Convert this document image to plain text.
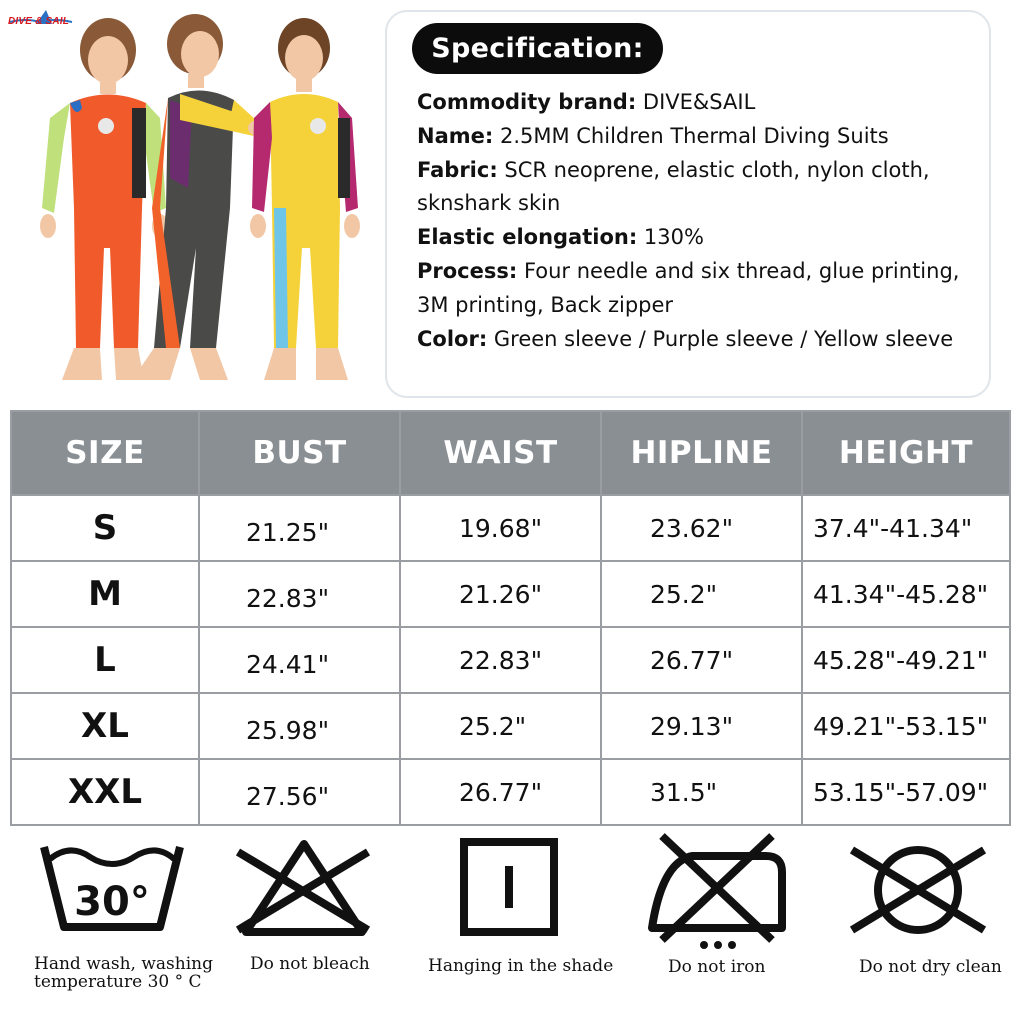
DIVE & SAIL
Specification:
Commodity brand: DIVE&SAIL
Name: 2.5MM Children Thermal Diving Suits
Fabric: SCR neoprene, elastic cloth, nylon cloth,
sknshark skin
Elastic elongation: 130%
Process: Four needle and six thread, glue printing,
3M printing, Back zipper
Color: Green sleeve / Purple sleeve / Yellow sleeve
SIZE	BUST	WAIST	HIPLINE	HEIGHT
S	21.25"	19.68"	23.62"	37.4"-41.34"
M	22.83"	21.26"	25.2"	41.34"-45.28"
L	24.41"	22.83"	26.77"	45.28"-49.21"
XL	25.98"	25.2"	29.13"	49.21"-53.15"
XXL	27.56"	26.77"	31.5"	53.15"-57.09"
30°
Hand wash, washing
temperature 30 ° C
Do not bleach	Hanging in the shade	Do not iron	Do not dry clean
